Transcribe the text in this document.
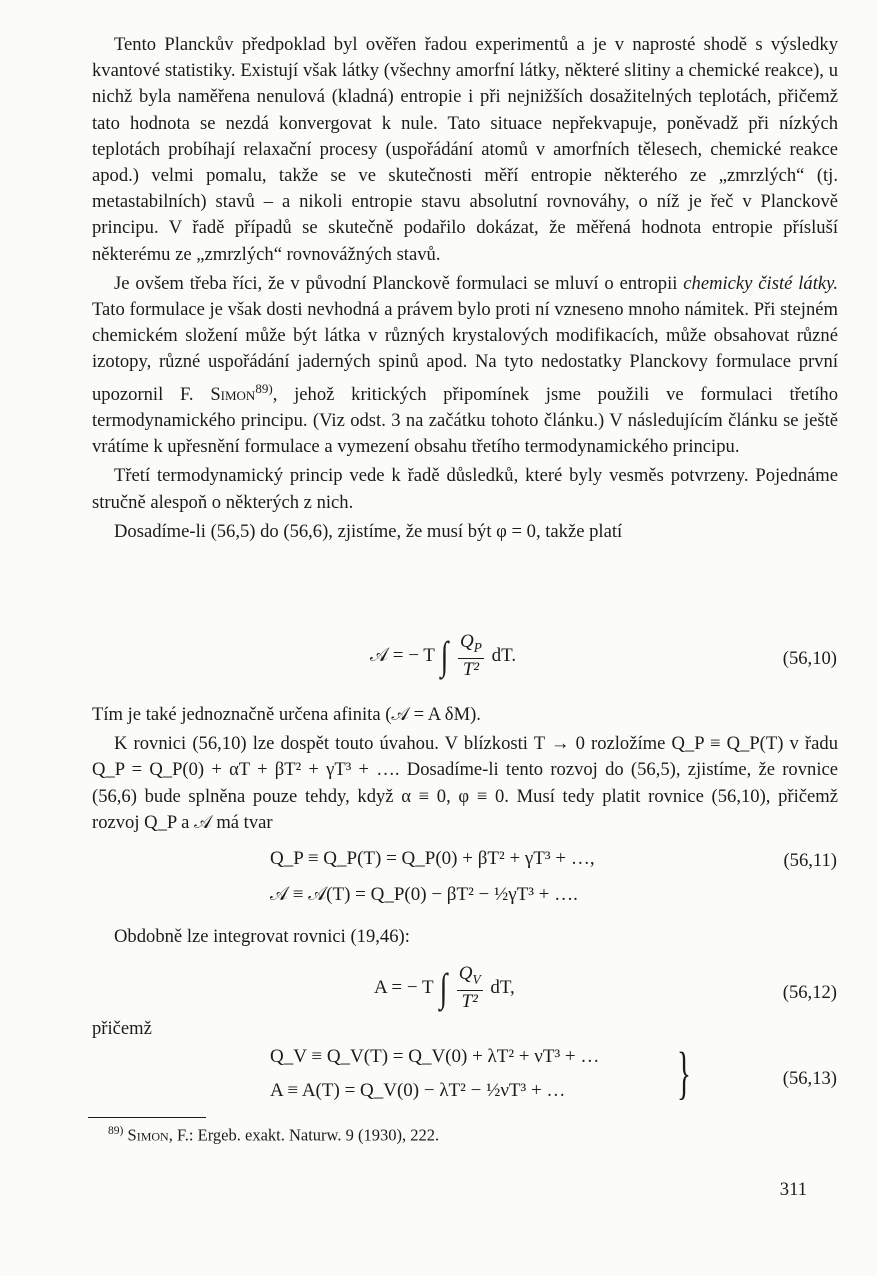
Tento Planckův předpoklad byl ověřen řadou experimentů a je v naprosté shodě s výsledky kvantové statistiky. Existují však látky (všechny amorfní látky, některé slitiny a chemické reakce), u nichž byla naměřena nenulová (kladná) entropie i při nejnižších dosažitelných teplotách, přičemž tato hodnota se nezdá konvergovat k nule. Tato situace nepřekvapuje, poněvadž při nízkých teplotách probíhají relaxační procesy (uspořádání atomů v amorfních tělesech, chemické reakce apod.) velmi pomalu, takže se ve skutečnosti měří entropie některého ze „zmrzlých“ (tj. metastabilních) stavů – a nikoli entropie stavu absolutní rovnováhy, o níž je řeč v Planckově principu. V řadě případů se skutečně podařilo dokázat, že měřená hodnota entropie přísluší některému ze „zmrzlých“ rovnovážných stavů.

Je ovšem třeba říci, že v původní Planckově formulaci se mluví o entropii chemicky čisté látky. Tato formulace je však dosti nevhodná a právem bylo proti ní vzneseno mnoho námitek. Při stejném chemickém složení může být látka v různých krystalových modifikacích, může obsahovat různé izotopy, různé uspořádání jaderných spinů apod. Na tyto nedostatky Planckovy formulace první upozornil F. Simon$^{89)}$, jehož kritických připomínek jsme použili ve formulaci třetího termodynamického principu. (Viz odst. 3 na začátku tohoto článku.) V následujícím článku se ještě vrátíme k upřesnění formulace a vymezení obsahu třetího termodynamického principu.

Třetí termodynamický princip vede k řadě důsledků, které byly vesměs potvrzeny. Pojednáme stručně alespoň o některých z nich.

Dosadíme-li (56,5) do (56,6), zjistíme, že musí být φ = 0, takže platí

𝒜 = − T ∫ $\frac{Q_P}{\text{T²}}$ dT.	(56,10)

Tím je také jednoznačně určena afinita (𝒜 = A δM).

K rovnici (56,10) lze dospět touto úvahou. V blízkosti T → 0 rozložíme Q_P ≡ Q_P(T) v řadu Q_P = Q_P(0) + αT + βT² + γT³ + …. Dosadíme-li tento rozvoj do (56,5), zjistíme, že rovnice (56,6) bude splněna pouze tehdy, když α ≡ 0, φ ≡ 0. Musí tedy platit rovnice (56,10), přičemž rozvoj Q_P a 𝒜 má tvar

Q_P ≡ Q_P(T) = Q_P(0) + βT² + γT³ + …,
𝒜 ≡ 𝒜(T) = Q_P(0) − βT² − ½γT³ + ….
(56,11)

Obdobně lze integrovat rovnici (19,46):

A = − T ∫ $\frac{Q_V}{\text{T²}}$ dT,	(56,12)

přičemž

Q_V ≡ Q_V(T) = Q_V(0) + λT² + νT³ + …
A ≡ A(T) = Q_V(0) − λT² − ½νT³ + … }	(56,13)
$^{89)}$ Simon, F.: Ergeb. exakt. Naturw. 9 (1930), 222.
311
